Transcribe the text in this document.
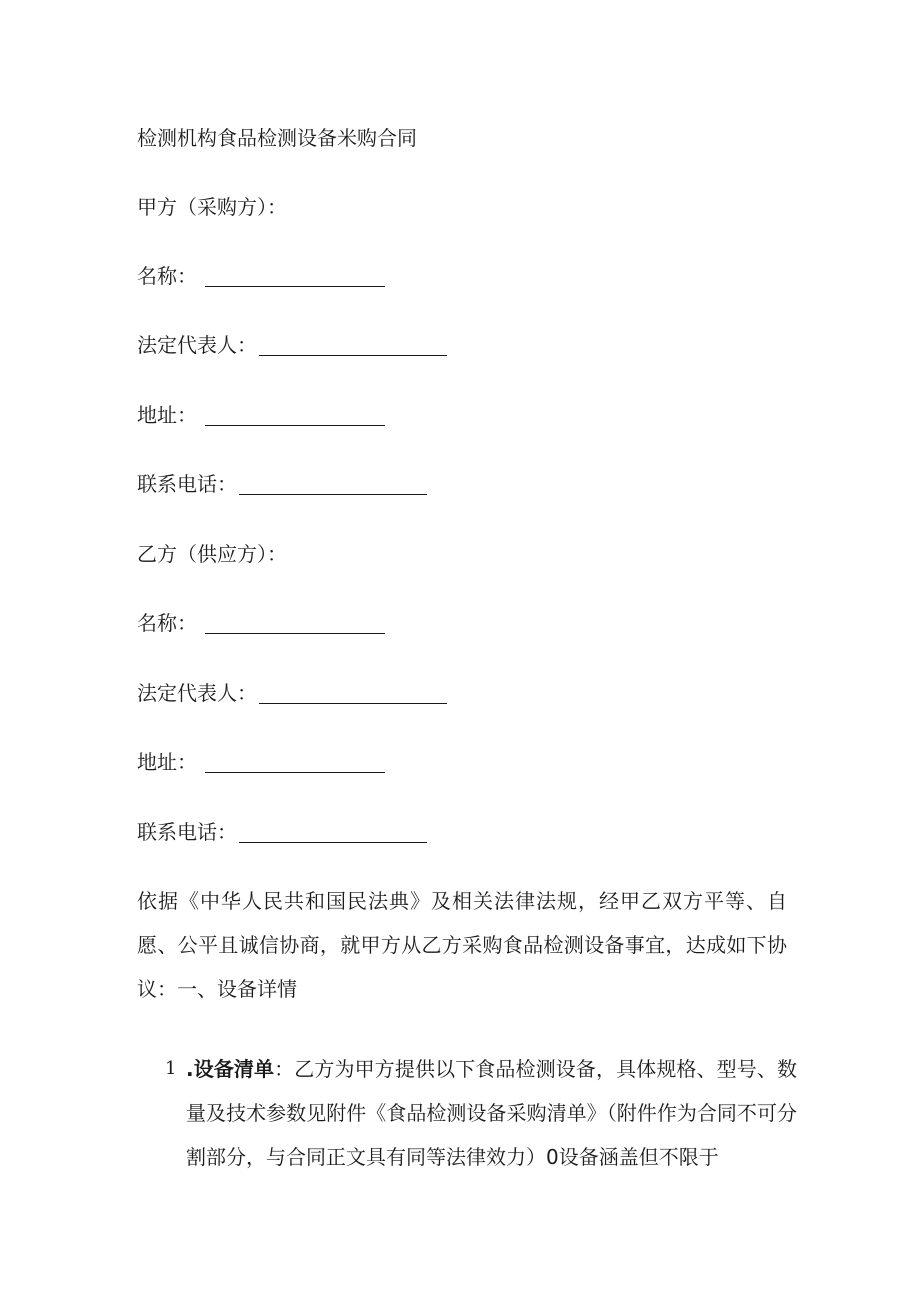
检测机构食品检测设备米购合同
甲方（采购方）：
名称：
法定代表人：
地址：
联系电话：
乙方（供应方）：
名称：
法定代表人：
地址：
联系电话：
依据《中华人民共和国民法典》及相关法律法规，经甲乙双方平等、自愿、公平且诚信协商，就甲方从乙方采购食品检测设备事宜，达成如下协议：一、设备详情
1 .设备清单：乙方为甲方提供以下食品检测设备，具体规格、型号、数量及技术参数见附件《食品检测设备采购清单》（附件作为合同不可分割部分，与合同正文具有同等法律效力）0设备涵盖但不限于
